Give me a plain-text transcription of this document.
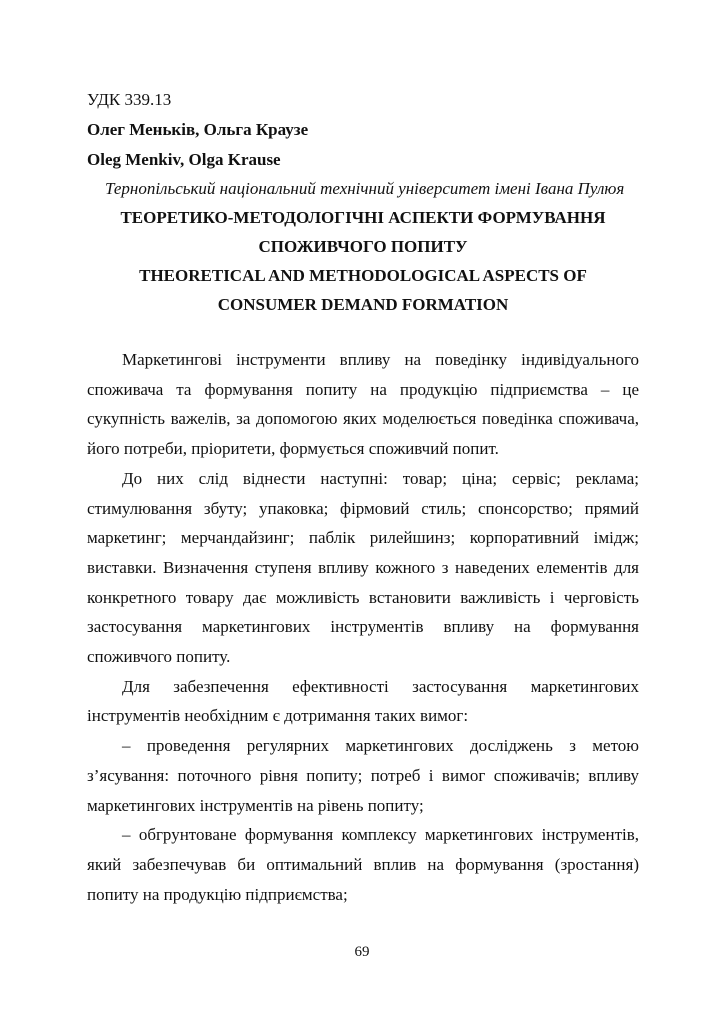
УДК 339.13
Олег Меньків, Ольга Краузе
Oleg Menkiv, Olga Krause
Тернопільський національний технічний університет імені Івана Пулюя
ТЕОРЕТИКО-МЕТОДОЛОГІЧНІ АСПЕКТИ ФОРМУВАННЯ
СПОЖИВЧОГО ПОПИТУ
THEORETICAL AND METHODOLOGICAL ASPECTS OF
CONSUMER DEMAND FORMATION

Маркетингові інструменти впливу на поведінку індивідуального споживача та формування попиту на продукцію підприємства – це сукупність важелів, за допомогою яких моделюється поведінка споживача, його потреби, пріоритети, формується споживчий попит.

До них слід віднести наступні: товар; ціна; сервіс; реклама; стимулювання збуту; упаковка; фірмовий стиль; спонсорство; прямий маркетинг; мерчандайзинг; паблік рилейшинз; корпоративний імідж; виставки. Визначення ступеня впливу кожного з наведених елементів для конкретного товару дає можливість встановити важливість і черговість застосування маркетингових інструментів впливу на формування споживчого попиту.

Для забезпечення ефективності застосування маркетингових інструментів необхідним є дотримання таких вимог:

– проведення регулярних маркетингових досліджень з метою з’ясування: поточного рівня попиту; потреб і вимог споживачів; впливу маркетингових інструментів на рівень попиту;

– обгрунтоване формування комплексу маркетингових інструментів, який забезпечував би оптимальний вплив на формування (зростання) попиту на продукцію підприємства;

69
